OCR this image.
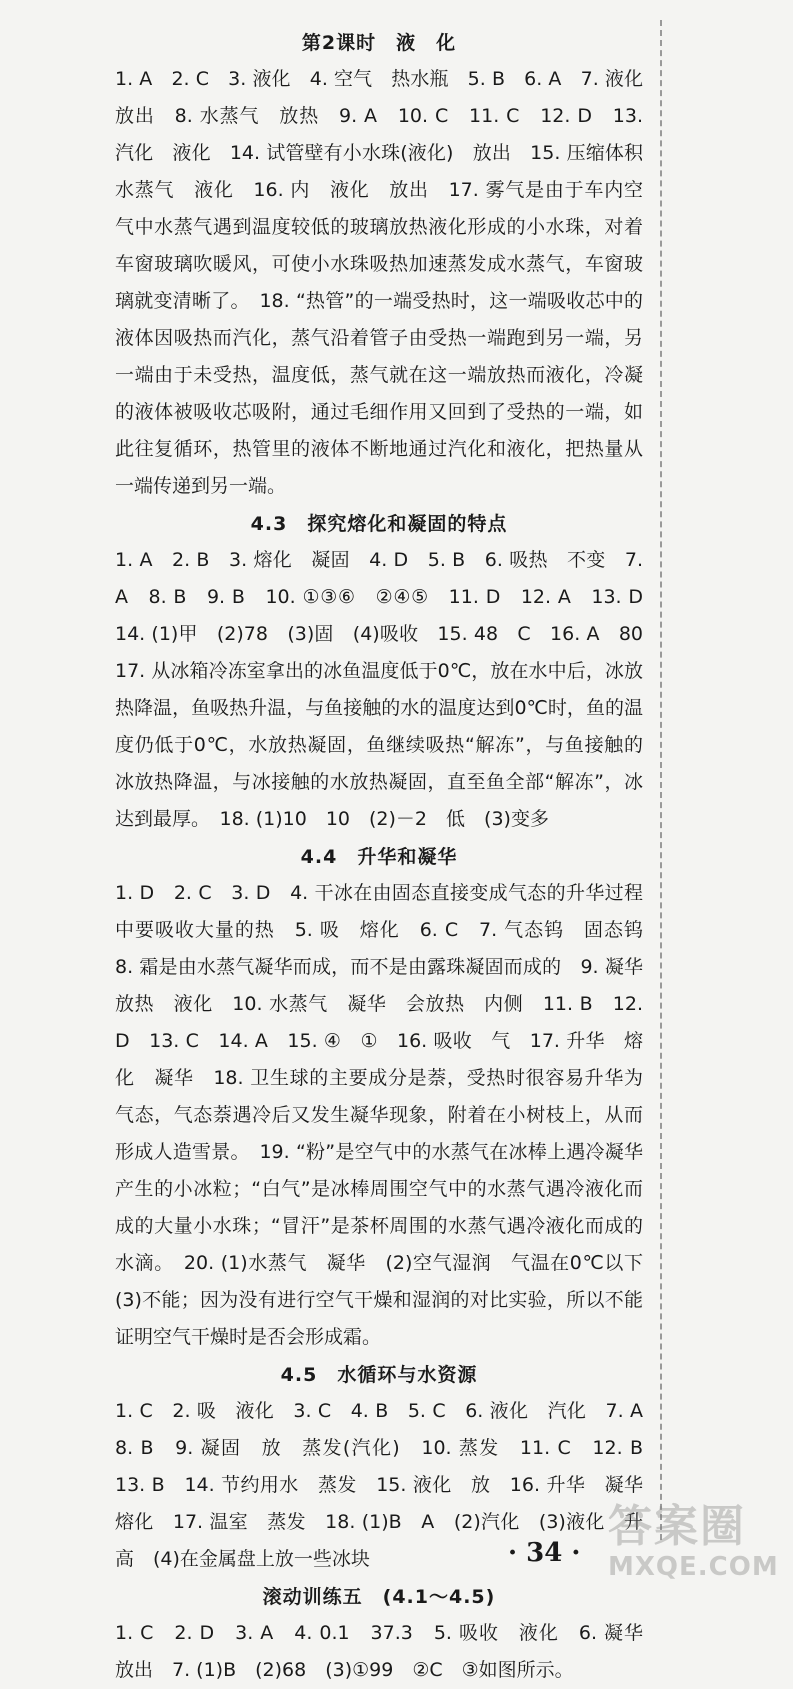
第2课时　液　化

1. A　2. C　3. 液化　4. 空气　热水瓶　5. B　6. A　7. 液化　放出　8. 水蒸气　放热　9. A　10. C　11. C　12. D　13. 汽化　液化　14. 试管壁有小水珠(液化)　放出　15. 压缩体积　水蒸气　液化　16. 内　液化　放出　17. 雾气是由于车内空气中水蒸气遇到温度较低的玻璃放热液化形成的小水珠，对着车窗玻璃吹暖风，可使小水珠吸热加速蒸发成水蒸气，车窗玻璃就变清晰了。　18. “热管”的一端受热时，这一端吸收芯中的液体因吸热而汽化，蒸气沿着管子由受热一端跑到另一端，另一端由于未受热，温度低，蒸气就在这一端放热而液化，冷凝的液体被吸收芯吸附，通过毛细作用又回到了受热的一端，如此往复循环，热管里的液体不断地通过汽化和液化，把热量从一端传递到另一端。

4.3　探究熔化和凝固的特点

1. A　2. B　3. 熔化　凝固　4. D　5. B　6. 吸热　不变　7. A　8. B　9. B　10. ①③⑥　②④⑤　11. D　12. A　13. D　14. (1)甲　(2)78　(3)固　(4)吸收　15. 48　C　16. A　80　17. 从冰箱冷冻室拿出的冰鱼温度低于0℃，放在水中后，冰放热降温，鱼吸热升温，与鱼接触的水的温度达到0℃时，鱼的温度仍低于0℃，水放热凝固，鱼继续吸热“解冻”，与鱼接触的冰放热降温，与冰接触的水放热凝固，直至鱼全部“解冻”，冰达到最厚。　18. (1)10　10　(2)－2　低　(3)变多

4.4　升华和凝华

1. D　2. C　3. D　4. 干冰在由固态直接变成气态的升华过程中要吸收大量的热　5. 吸　熔化　6. C　7. 气态钨　固态钨　8. 霜是由水蒸气凝华而成，而不是由露珠凝固而成的　9. 凝华　放热　液化　10. 水蒸气　凝华　会放热　内侧　11. B　12. D　13. C　14. A　15. ④　①　16. 吸收　气　17. 升华　熔化　凝华　18. 卫生球的主要成分是萘，受热时很容易升华为气态，气态萘遇冷后又发生凝华现象，附着在小树枝上，从而形成人造雪景。　19. “粉”是空气中的水蒸气在冰棒上遇冷凝华产生的小冰粒；“白气”是冰棒周围空气中的水蒸气遇冷液化而成的大量小水珠；“冒汗”是茶杯周围的水蒸气遇冷液化而成的水滴。　20. (1)水蒸气　凝华　(2)空气湿润　气温在0℃以下　(3)不能；因为没有进行空气干燥和湿润的对比实验，所以不能证明空气干燥时是否会形成霜。

4.5　水循环与水资源

1. C　2. 吸　液化　3. C　4. B　5. C　6. 液化　汽化　7. A　8. B　9. 凝固　放　蒸发(汽化)　10. 蒸发　11. C　12. B　13. B　14. 节约用水　蒸发　15. 液化　放　16. 升华　凝华　熔化　17. 温室　蒸发　18. (1)B　A　(2)汽化　(3)液化　升高　(4)在金属盘上放一些冰块

滚动训练五　(4.1～4.5)

1. C　2. D　3. A　4. 0.1　37.3　5. 吸收　液化　6. 凝华　放出　7. (1)B　(2)68　(3)①99　②C　③如图所示。

· 34 ·
答案圈
MXQE.COM
